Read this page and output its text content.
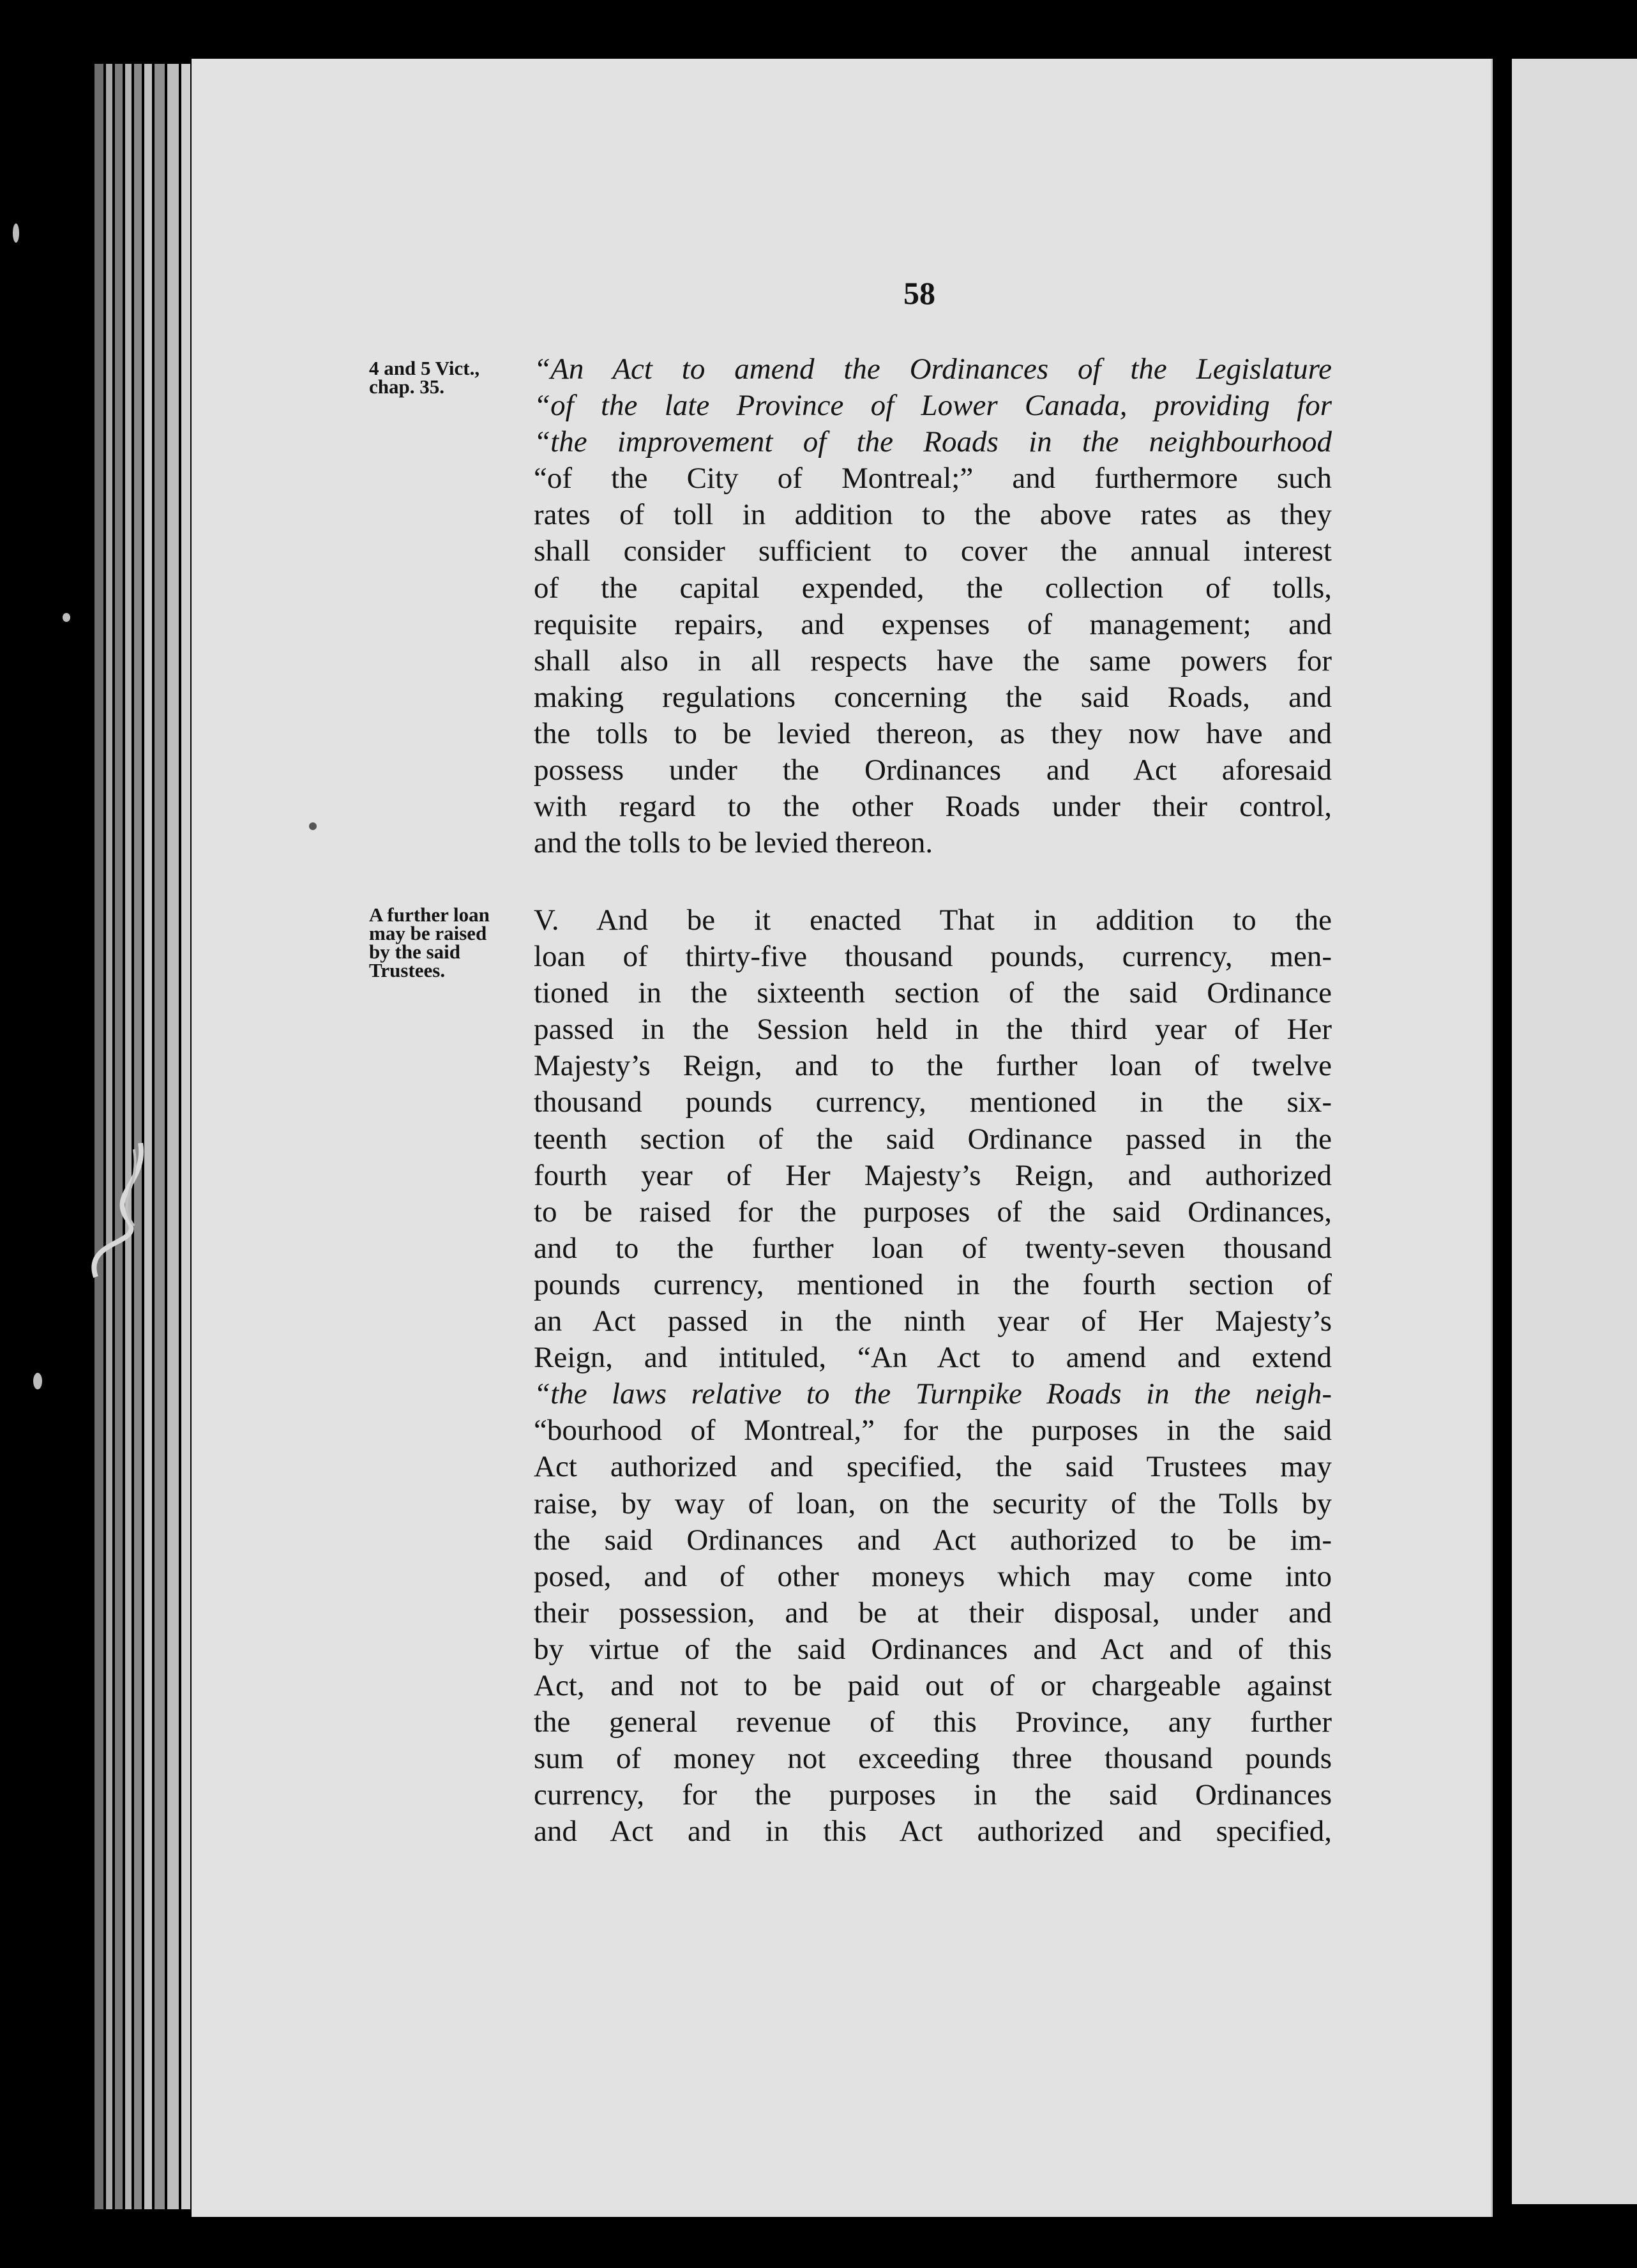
58
4 and 5 Vict.,
chap. 35.
A further loan
may be raised
by the said
Trustees.
“An Act to amend the Ordinances of the Legislature
“of the late Province of Lower Canada, providing for
“the improvement of the Roads in the neighbourhood
“of the City of Montreal;” and furthermore such
rates of toll in addition to the above rates as they
shall consider sufficient to cover the annual interest
of the capital expended, the collection of tolls,
requisite repairs, and expenses of management; and
shall also in all respects have the same powers for
making regulations concerning the said Roads, and
the tolls to be levied thereon, as they now have and
possess under the Ordinances and Act aforesaid
with regard to the other Roads under their control,
and the tolls to be levied thereon.
V. And be it enacted That in addition to the
loan of thirty-five thousand pounds, currency, men-
tioned in the sixteenth section of the said Ordinance
passed in the Session held in the third year of Her
Majesty’s Reign, and to the further loan of twelve
thousand pounds currency, mentioned in the six-
teenth section of the said Ordinance passed in the
fourth year of Her Majesty’s Reign, and authorized
to be raised for the purposes of the said Ordinances,
and to the further loan of twenty-seven thousand
pounds currency, mentioned in the fourth section of
an Act passed in the ninth year of Her Majesty’s
Reign, and intituled, “An Act to amend and extend
“the laws relative to the Turnpike Roads in the neigh-
“bourhood of Montreal,” for the purposes in the said
Act authorized and specified, the said Trustees may
raise, by way of loan, on the security of the Tolls by
the said Ordinances and Act authorized to be im-
posed, and of other moneys which may come into
their possession, and be at their disposal, under and
by virtue of the said Ordinances and Act and of this
Act, and not to be paid out of or chargeable against
the general revenue of this Province, any further
sum of money not exceeding three thousand pounds
currency, for the purposes in the said Ordinances
and Act and in this Act authorized and specified,
